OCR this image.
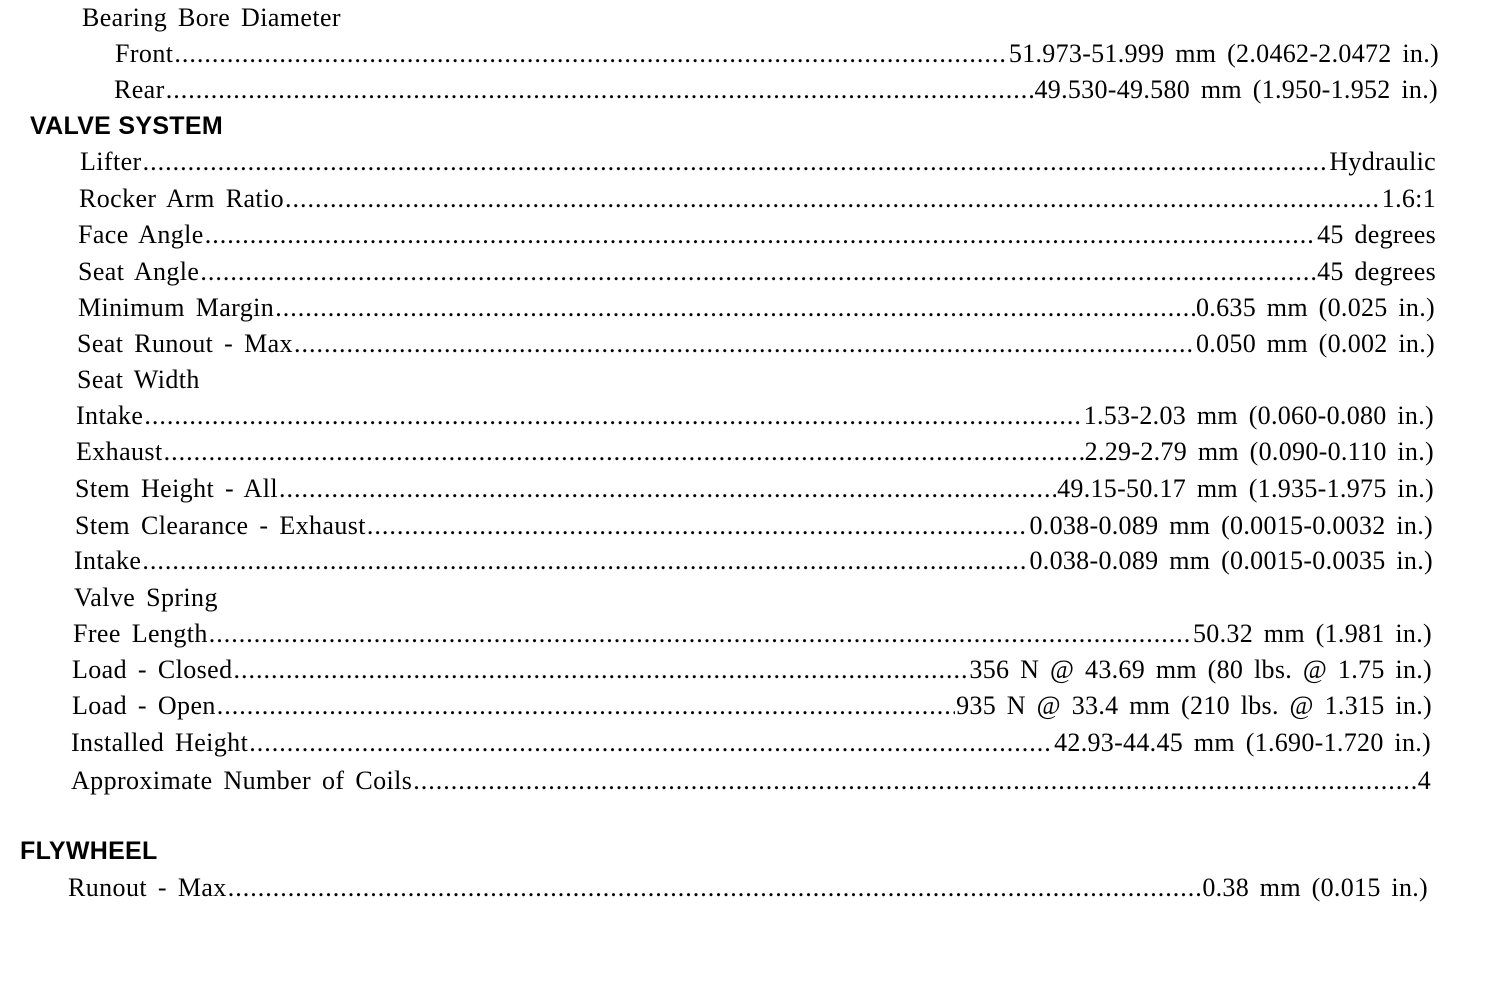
Bearing Bore Diameter
Front .....	51.973-51.999 mm (2.0462-2.0472 in.)
Rear .....	49.530-49.580 mm (1.950-1.952 in.)
VALVE SYSTEM
Lifter .....	Hydraulic
Rocker Arm Ratio .....	1.6:1
Face Angle .....	45 degrees
Seat Angle .....	45 degrees
Minimum Margin .....	0.635 mm (0.025 in.)
Seat Runout - Max .....	0.050 mm (0.002 in.)
Seat Width
Intake .....	1.53-2.03 mm (0.060-0.080 in.)
Exhaust .....	2.29-2.79 mm (0.090-0.110 in.)
Stem Height - All .....	49.15-50.17 mm (1.935-1.975 in.)
Stem Clearance - Exhaust .....	0.038-0.089 mm (0.0015-0.0032 in.)
Intake .....	0.038-0.089 mm (0.0015-0.0035 in.)
Valve Spring
Free Length .....	50.32 mm (1.981 in.)
Load - Closed .....	356 N @ 43.69 mm (80 lbs. @ 1.75 in.)
Load - Open .....	935 N @ 33.4 mm (210 lbs. @ 1.315 in.)
Installed Height .....	42.93-44.45 mm (1.690-1.720 in.)
Approximate Number of Coils .....	4
FLYWHEEL
Runout - Max .....	0.38 mm (0.015 in.)
